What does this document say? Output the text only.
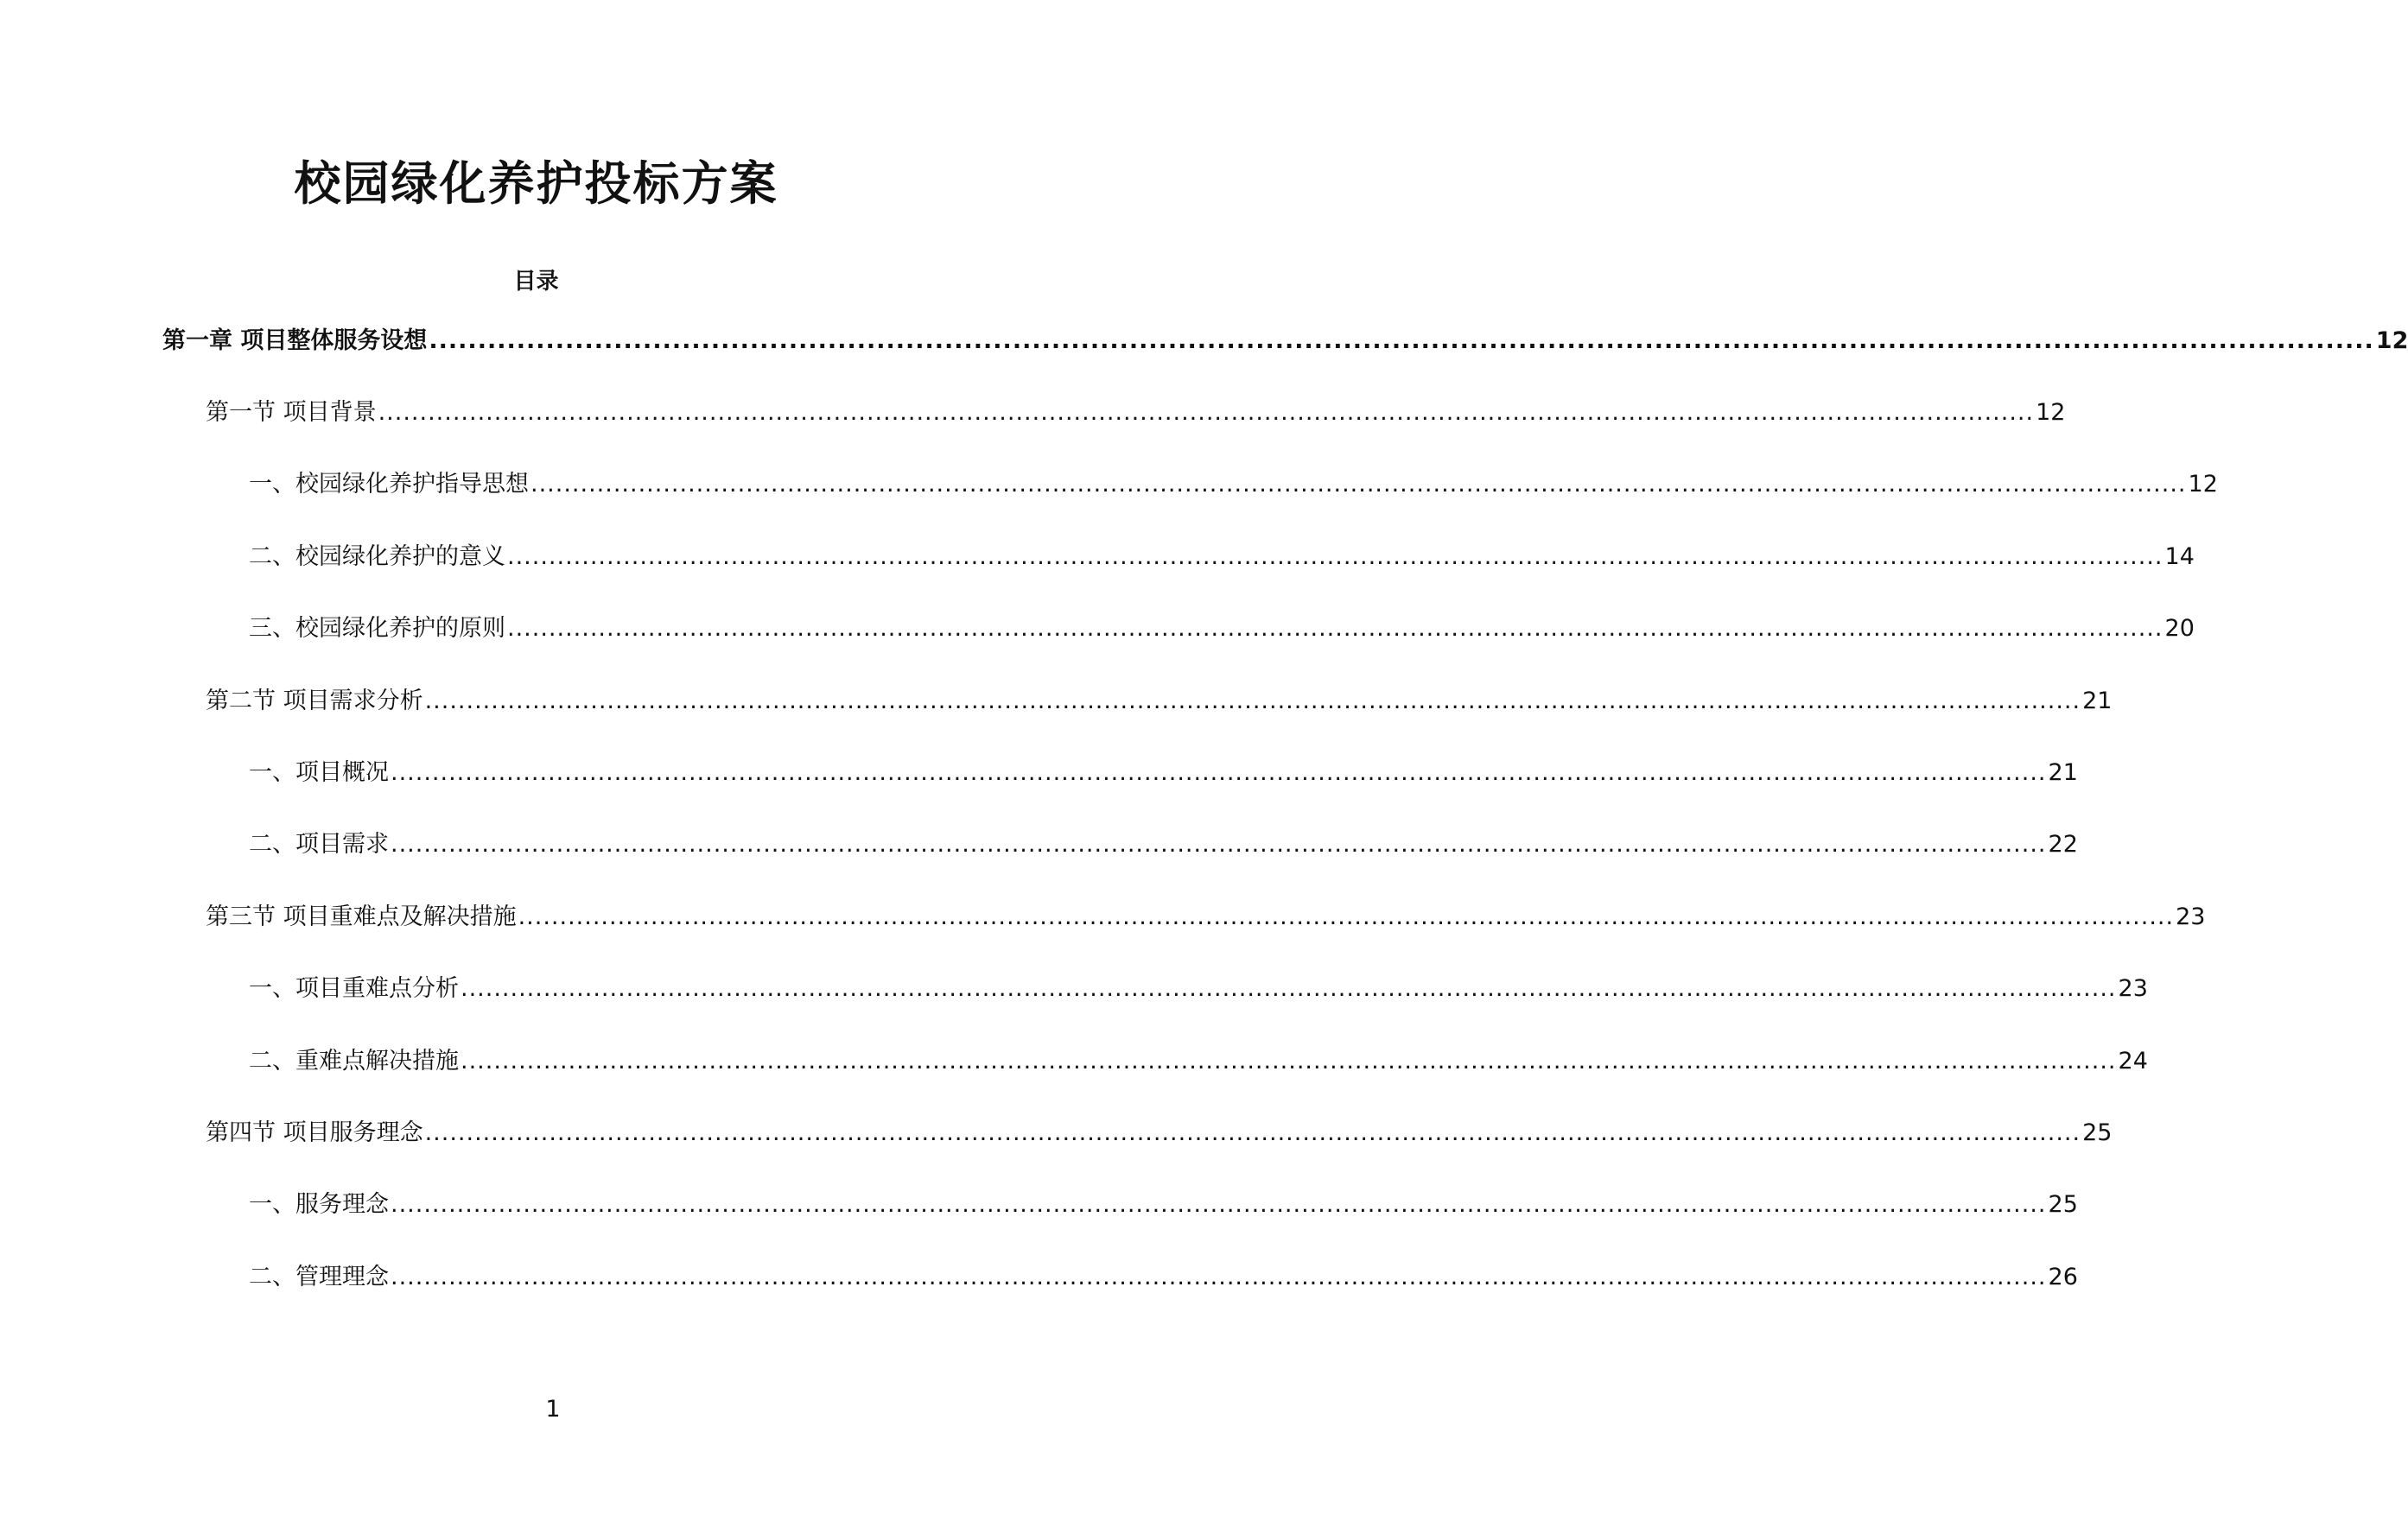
校园绿化养护投标方案
目录
第一章 项目整体服务设想 ........................................................................................................................................................................................................ 12
第一节 项目背景 ........................................................................................................................................................................................................ 12
一、校园绿化养护指导思想 ........................................................................................................................................................................................................ 12
二、校园绿化养护的意义 ........................................................................................................................................................................................................ 14
三、校园绿化养护的原则 ........................................................................................................................................................................................................ 20
第二节 项目需求分析 ........................................................................................................................................................................................................ 21
一、项目概况 ........................................................................................................................................................................................................ 21
二、项目需求 ........................................................................................................................................................................................................ 22
第三节 项目重难点及解决措施 ........................................................................................................................................................................................................ 23
一、项目重难点分析 ........................................................................................................................................................................................................ 23
二、重难点解决措施 ........................................................................................................................................................................................................ 24
第四节 项目服务理念 ........................................................................................................................................................................................................ 25
一、服务理念 ........................................................................................................................................................................................................ 25
二、管理理念 ........................................................................................................................................................................................................ 26
1
